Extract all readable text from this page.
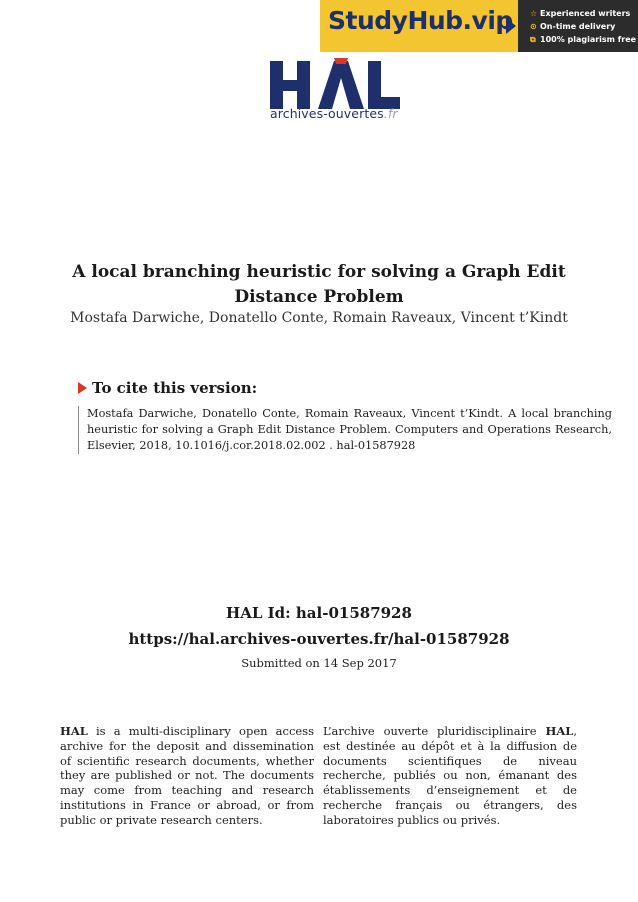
StudyHub.vip ☆ Experienced writers
⊙ On-time delivery
⧉ 100% plagiarism free
archives-ouvertes.fr
A local branching heuristic for solving a Graph Edit Distance Problem
Mostafa Darwiche, Donatello Conte, Romain Raveaux, Vincent t’Kindt
To cite this version:
Mostafa Darwiche, Donatello Conte, Romain Raveaux, Vincent t’Kindt. A local branching heuristic for solving a Graph Edit Distance Problem. Computers and Operations Research, Elsevier, 2018, 10.1016/j.cor.2018.02.002 . hal-01587928
HAL Id: hal-01587928
https://hal.archives-ouvertes.fr/hal-01587928
Submitted on 14 Sep 2017
HAL is a multi-disciplinary open access archive for the deposit and dissemination of scientific research documents, whether they are published or not. The documents may come from teaching and research institutions in France or abroad, or from public or private research centers.
L’archive ouverte pluridisciplinaire HAL, est destinée au dépôt et à la diffusion de documents scientifiques de niveau recherche, publiés ou non, émanant des établissements d’enseignement et de recherche français ou étrangers, des laboratoires publics ou privés.
